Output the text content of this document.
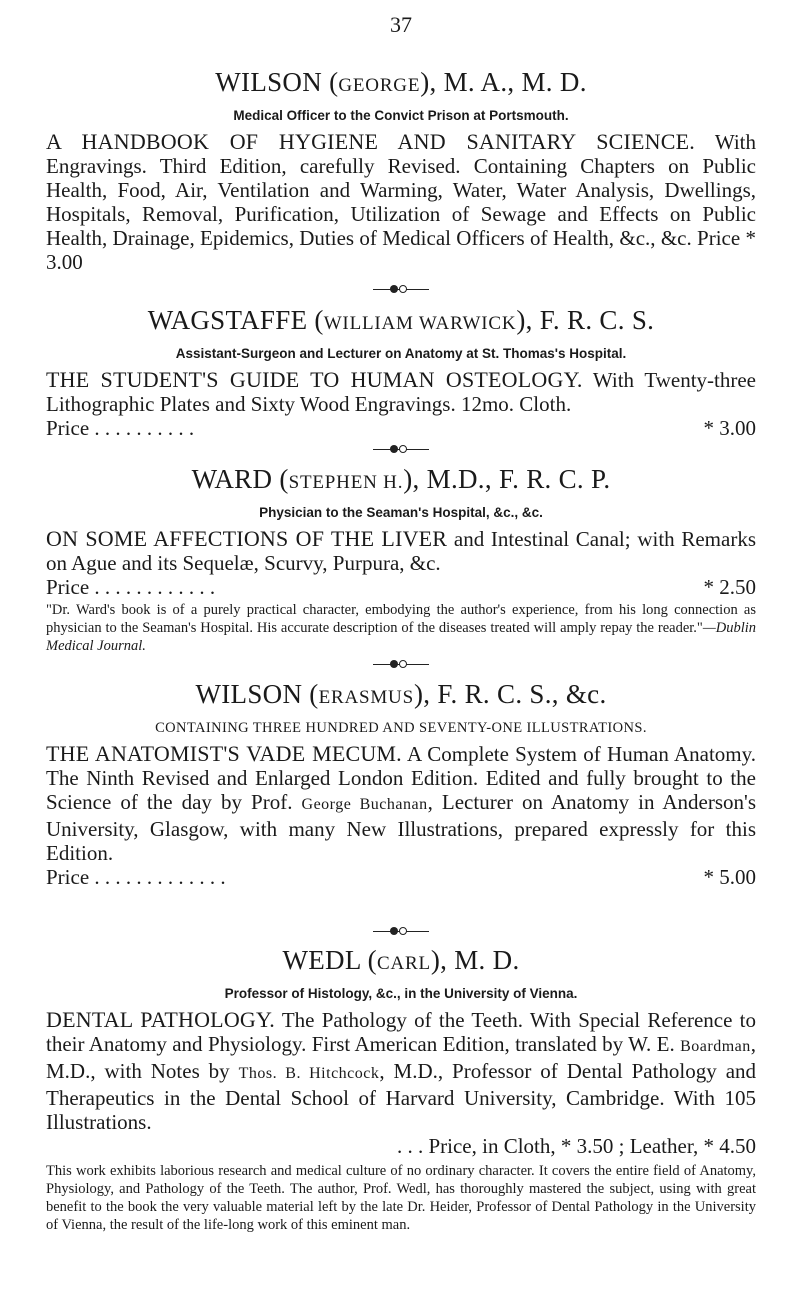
37
WILSON (GEORGE), M. A., M. D.
Medical Officer to the Convict Prison at Portsmouth.
A HANDBOOK OF HYGIENE AND SANITARY SCIENCE. With Engravings. Third Edition, carefully Revised. Containing Chapters on Public Health, Food, Air, Ventilation and Warming, Water, Water Analysis, Dwellings, Hospitals, Removal, Purification, Utilization of Sewage and Effects on Public Health, Drainage, Epidemics, Duties of Medical Officers of Health, &c., &c. Price * 3.00
WAGSTAFFE (WILLIAM WARWICK), F. R. C. S.
Assistant-Surgeon and Lecturer on Anatomy at St. Thomas's Hospital.
THE STUDENT'S GUIDE TO HUMAN OSTEOLOGY. With Twenty-three Lithographic Plates and Sixty Wood Engravings. 12mo. Cloth.
Price . . . . . . . . . .	* 3.00
WARD (STEPHEN H.), M.D., F. R. C. P.
Physician to the Seaman's Hospital, &c., &c.
ON SOME AFFECTIONS OF THE LIVER and Intestinal Canal; with Remarks on Ague and its Sequelæ, Scurvy, Purpura, &c.
Price . . . . . . . . . . . .	* 2.50
"Dr. Ward's book is of a purely practical character, embodying the author's experience, from his long connection as physician to the Seaman's Hospital. His accurate description of the diseases treated will amply repay the reader."—Dublin Medical Journal.
WILSON (ERASMUS), F. R. C. S., &c.
CONTAINING THREE HUNDRED AND SEVENTY-ONE ILLUSTRATIONS.
THE ANATOMIST'S VADE MECUM. A Complete System of Human Anatomy. The Ninth Revised and Enlarged London Edition. Edited and fully brought to the Science of the day by Prof. George Buchanan, Lecturer on Anatomy in Anderson's University, Glasgow, with many New Illustrations, prepared expressly for this Edition.
Price . . . . . . . . . . . . .	* 5.00
WEDL (CARL), M. D.
Professor of Histology, &c., in the University of Vienna.
DENTAL PATHOLOGY. The Pathology of the Teeth. With Special Reference to their Anatomy and Physiology. First American Edition, translated by W. E. Boardman, M.D., with Notes by Thos. B. Hitchcock, M.D., Professor of Dental Pathology and Therapeutics in the Dental School of Harvard University, Cambridge. With 105 Illustrations.
. . . Price, in Cloth, * 3.50 ; Leather, * 4.50
This work exhibits laborious research and medical culture of no ordinary character. It covers the entire field of Anatomy, Physiology, and Pathology of the Teeth. The author, Prof. Wedl, has thoroughly mastered the subject, using with great benefit to the book the very valuable material left by the late Dr. Heider, Professor of Dental Pathology in the University of Vienna, the result of the life-long work of this eminent man.
